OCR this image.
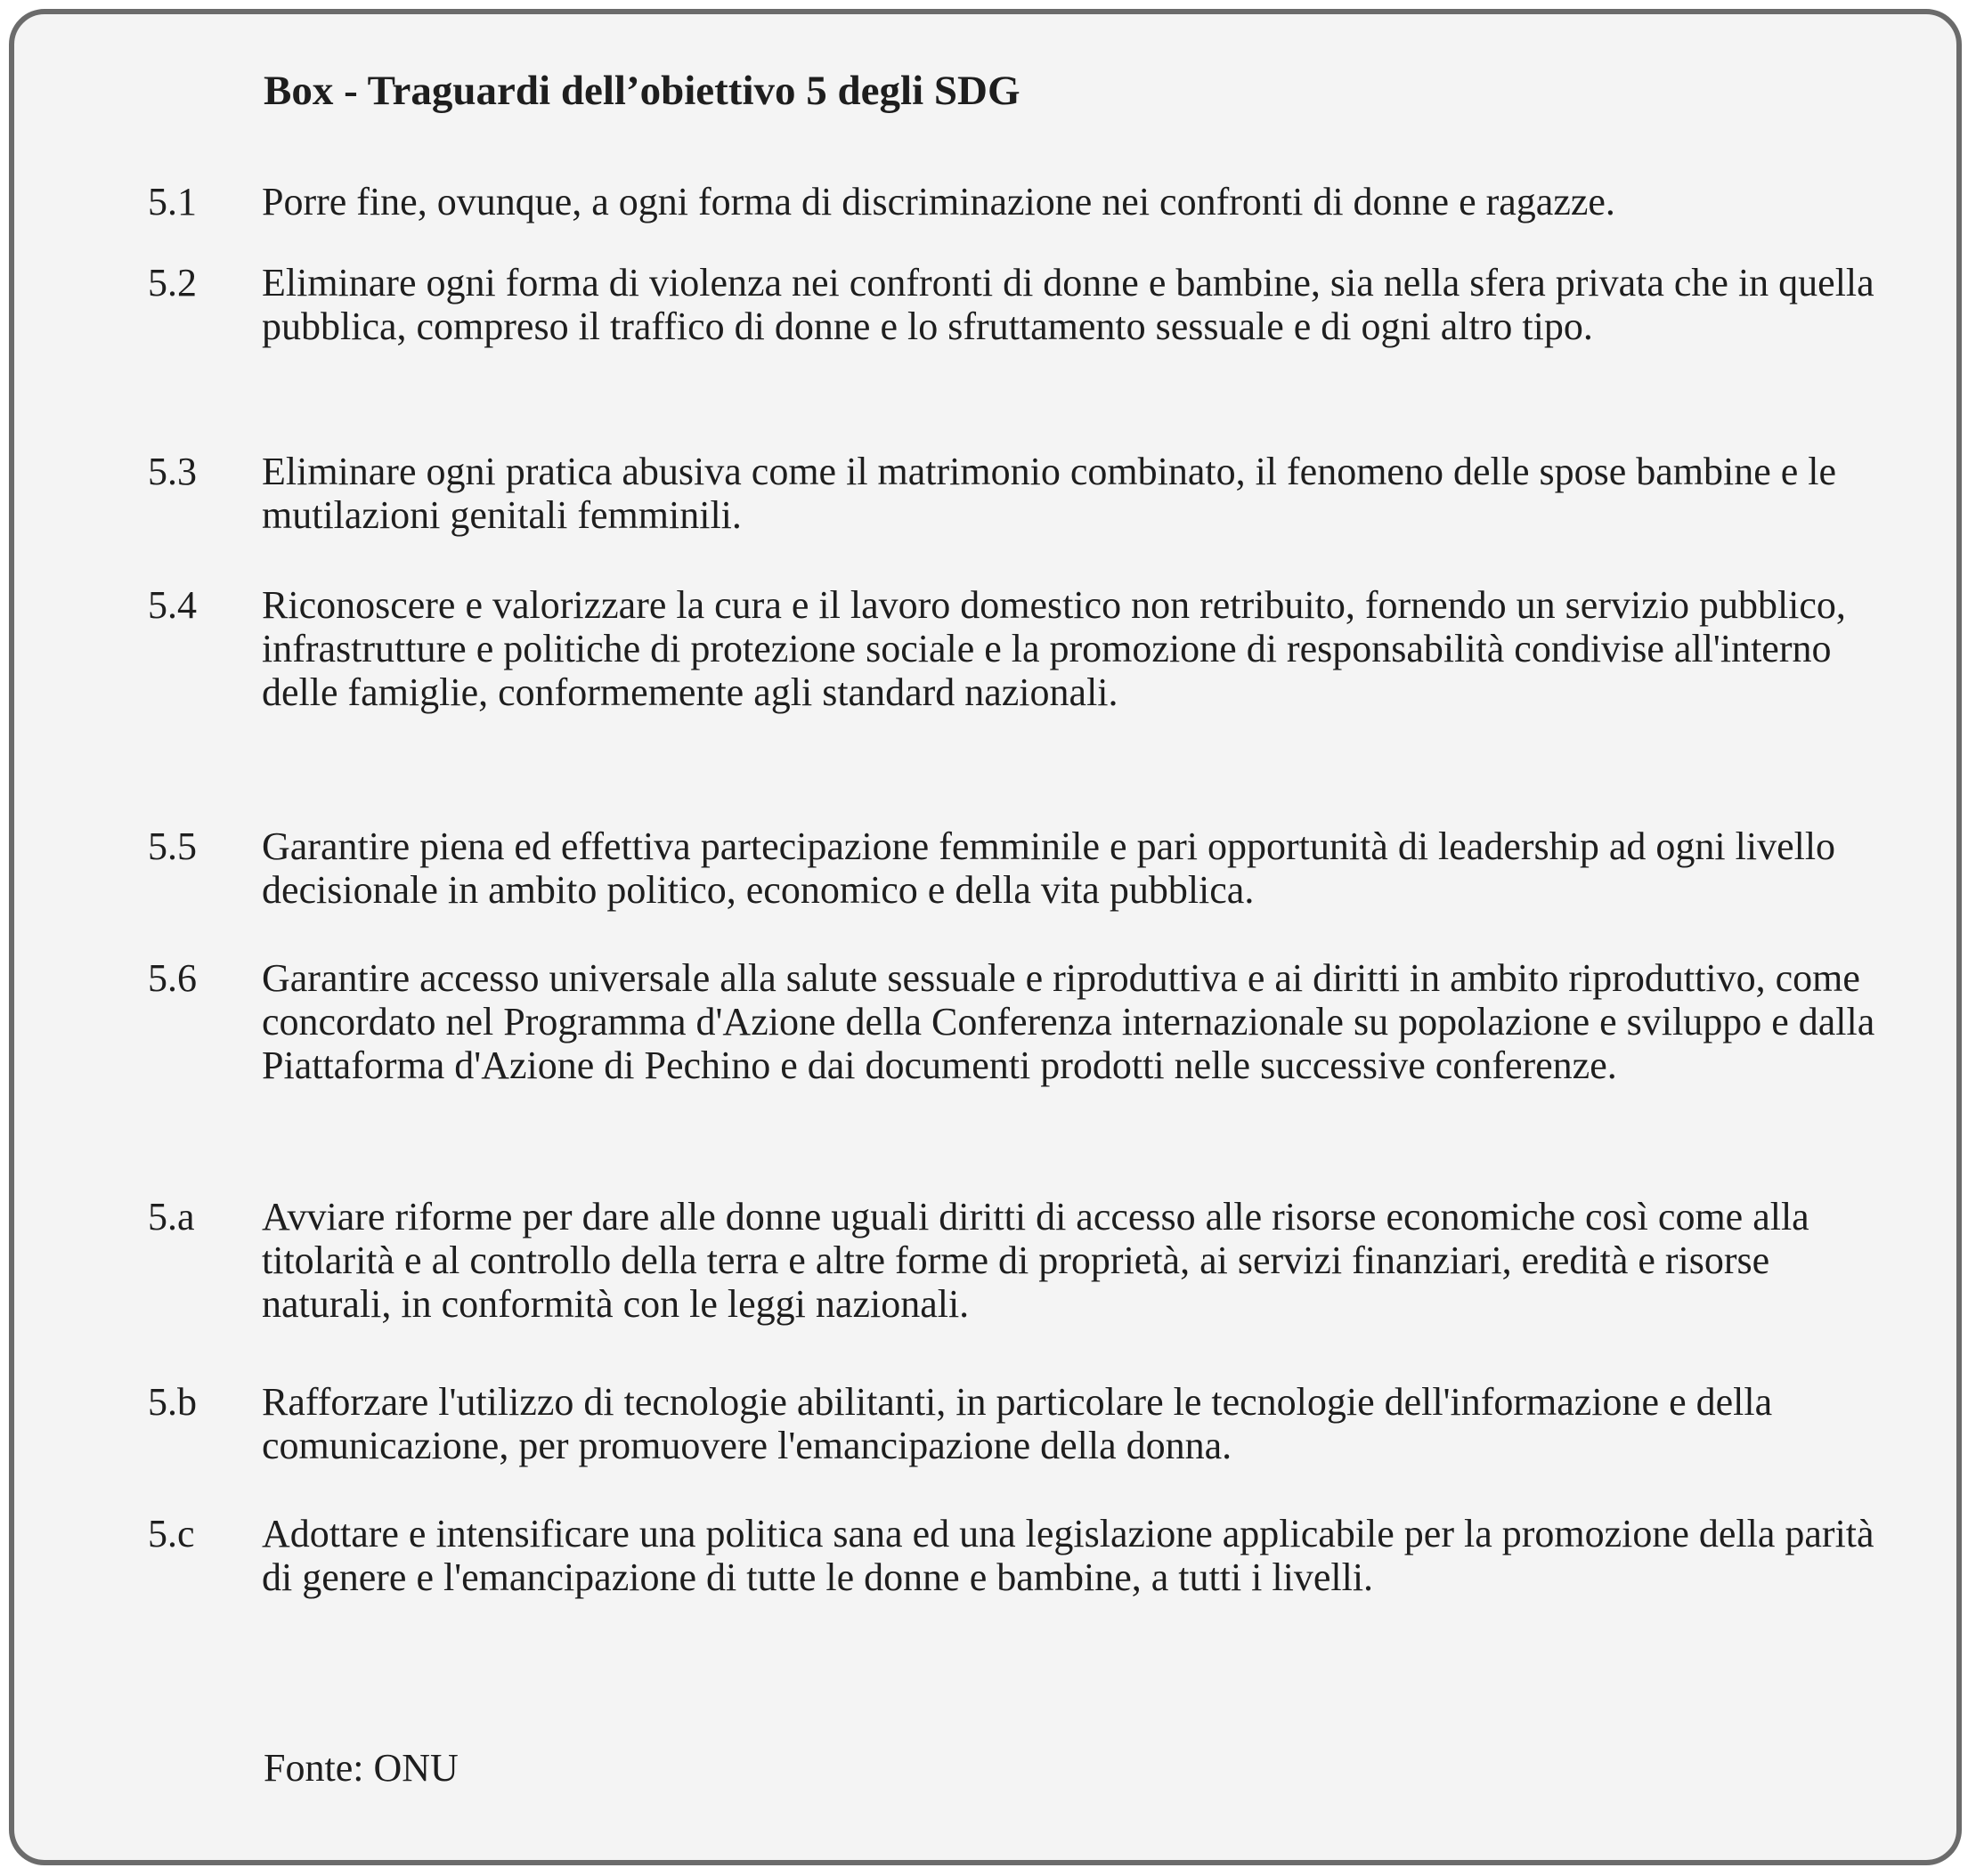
Box - Traguardi dell’obiettivo 5 degli SDG
5.1 Porre fine, ovunque, a ogni forma di discriminazione nei confronti di donne e ragazze.
5.2 Eliminare ogni forma di violenza nei confronti di donne e bambine, sia nella sfera privata che in quella pubblica, compreso il traffico di donne e lo sfruttamento sessuale e di ogni altro tipo.
5.3 Eliminare ogni pratica abusiva come il matrimonio combinato, il fenomeno delle spose bambine e le mutilazioni genitali femminili.
5.4 Riconoscere e valorizzare la cura e il lavoro domestico non retribuito, fornendo un servizio pubblico, infrastrutture e politiche di protezione sociale e la promozione di responsabilità condivise all'interno delle famiglie, conformemente agli standard nazionali.
5.5 Garantire piena ed effettiva partecipazione femminile e pari opportunità di leadership ad ogni livello decisionale in ambito politico, economico e della vita pubblica.
5.6 Garantire accesso universale alla salute sessuale e riproduttiva e ai diritti in ambito riproduttivo, come concordato nel Programma d'Azione della Conferenza internazionale su popolazione e sviluppo e dalla Piattaforma d'Azione di Pechino e dai documenti prodotti nelle successive conferenze.
5.a Avviare riforme per dare alle donne uguali diritti di accesso alle risorse economiche così come alla titolarità e al controllo della terra e altre forme di proprietà, ai servizi finanziari, eredità e risorse naturali, in conformità con le leggi nazionali.
5.b Rafforzare l'utilizzo di tecnologie abilitanti, in particolare le tecnologie dell'informazione e della comunicazione, per promuovere l'emancipazione della donna.
5.c Adottare e intensificare una politica sana ed una legislazione applicabile per la promozione della parità di genere e l'emancipazione di tutte le donne e bambine, a tutti i livelli.
Fonte: ONU
